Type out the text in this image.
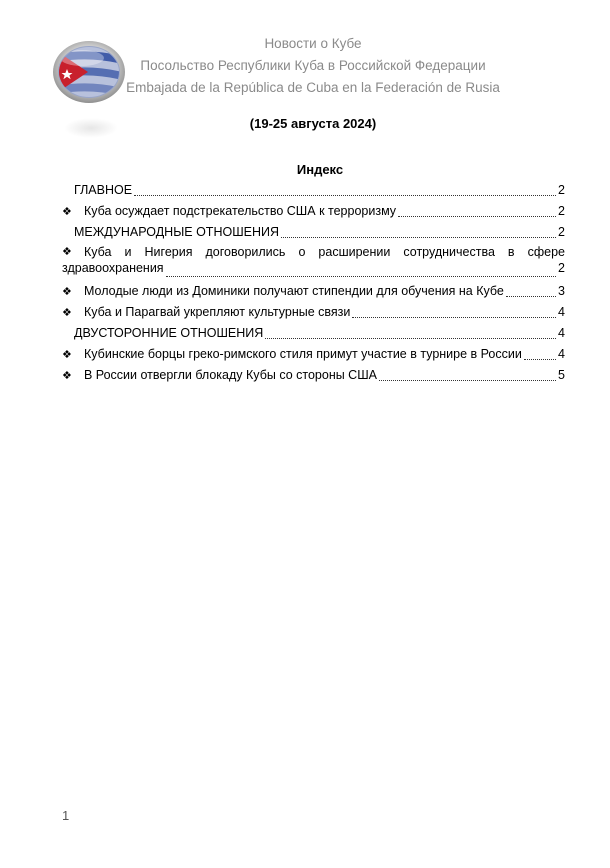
Новости о Кубе
Посольство Республики Куба в Российской Федерации
Embajada de la República de Cuba en la Federación de Rusia
(19-25 августа 2024)
Индекс
ГЛАВНОЕ	2
❖ Куба осуждает подстрекательство США к терроризму	2
МЕЖДУНАРОДНЫЕ ОТНОШЕНИЯ	2
❖ Куба и Нигерия договорились о расширении сотрудничества в сфере
здравоохранения	2
❖ Молодые люди из Доминики получают стипендии для обучения на Кубе	3
❖ Куба и Парагвай укрепляют культурные связи	4
ДВУСТОРОННИЕ ОТНОШЕНИЯ	4
❖ Кубинские борцы греко-римского стиля примут участие в турнире в России	4
❖ В России отвергли блокаду Кубы со стороны США	5
1
